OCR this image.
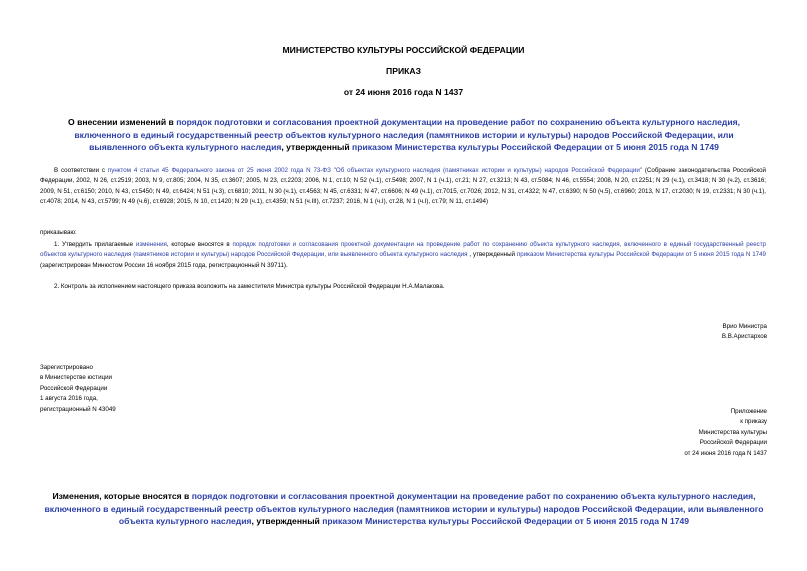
МИНИСТЕРСТВО КУЛЬТУРЫ РОССИЙСКОЙ ФЕДЕРАЦИИ
ПРИКАЗ
от 24 июня 2016 года N 1437
О внесении изменений в порядок подготовки и согласования проектной документации на проведение работ по сохранению объекта культурного наследия, включенного в единый государственный реестр объектов культурного наследия (памятников истории и культуры) народов Российской Федерации, или выявленного объекта культурного наследия, утвержденный приказом Министерства культуры Российской Федерации от 5 июня 2015 года N 1749
В соответствии с пунктом 4 статьи 45 Федерального закона от 25 июня 2002 года N 73-ФЗ "Об объектах культурного наследия (памятниках истории и культуры) народов Российской Федерации" (Собрание законодательства Российской Федерации, 2002, N 26, ст.2519; 2003, N 9, ст.805; 2004, N 35, ст.3607; 2005, N 23, ст.2203; 2006, N 1, ст.10; N 52 (ч.1), ст.5498; 2007, N 1 (ч.1), ст.21; N 27, ст.3213; N 43, ст.5084; N 46, ст.5554; 2008, N 20, ст.2251; N 29 (ч.1), ст.3418; N 30 (ч.2), ст.3616; 2009, N 51, ст.6150; 2010, N 43, ст.5450; N 49, ст.6424; N 51 (ч.3), ст.6810; 2011, N 30 (ч.1), ст.4563; N 45, ст.6331; N 47, ст.6606; N 49 (ч.1), ст.7015, ст.7026; 2012, N 31, ст.4322; N 47, ст.6390; N 50 (ч.5), ст.6960; 2013, N 17, ст.2030; N 19, ст.2331; N 30 (ч.1), ст.4078; 2014, N 43, ст.5799; N 49 (ч.6), ст.6928; 2015, N 10, ст.1420; N 29 (ч.1), ст.4359; N 51 (ч.III), ст.7237; 2016, N 1 (ч.I), ст.28, N 1 (ч.I), ст.79; N 11, ст.1494)
приказываю:
1. Утвердить прилагаемые изменения, которые вносятся в порядок подготовки и согласования проектной документации на проведение работ по сохранению объекта культурного наследия, включенного в единый государственный реестр объектов культурного наследия (памятников истории и культуры) народов Российской Федерации, или выявленного объекта культурного наследия , утвержденный приказом Министерства культуры Российской Федерации от 5 июня 2015 года N 1749 (зарегистрирован Минюстом России 16 ноября 2015 года, регистрационный N 39711).
2. Контроль за исполнением настоящего приказа возложить на заместителя Министра культуры Российской Федерации Н.А.Малакова.
Врио Министра
В.В.Аристархов
Зарегистрировано
в Министерстве юстиции
Российской Федерации
1 августа 2016 года,
регистрационный N 43049	Приложение
к приказу
Министерства культуры
Российской Федерации
от 24 июня 2016 года N 1437
Изменения, которые вносятся в порядок подготовки и согласования проектной документации на проведение работ по сохранению объекта культурного наследия, включенного в единый государственный реестр объектов культурного наследия (памятников истории и культуры) народов Российской Федерации, или выявленного объекта культурного наследия, утвержденный приказом Министерства культуры Российской Федерации от 5 июня 2015 года N 1749
